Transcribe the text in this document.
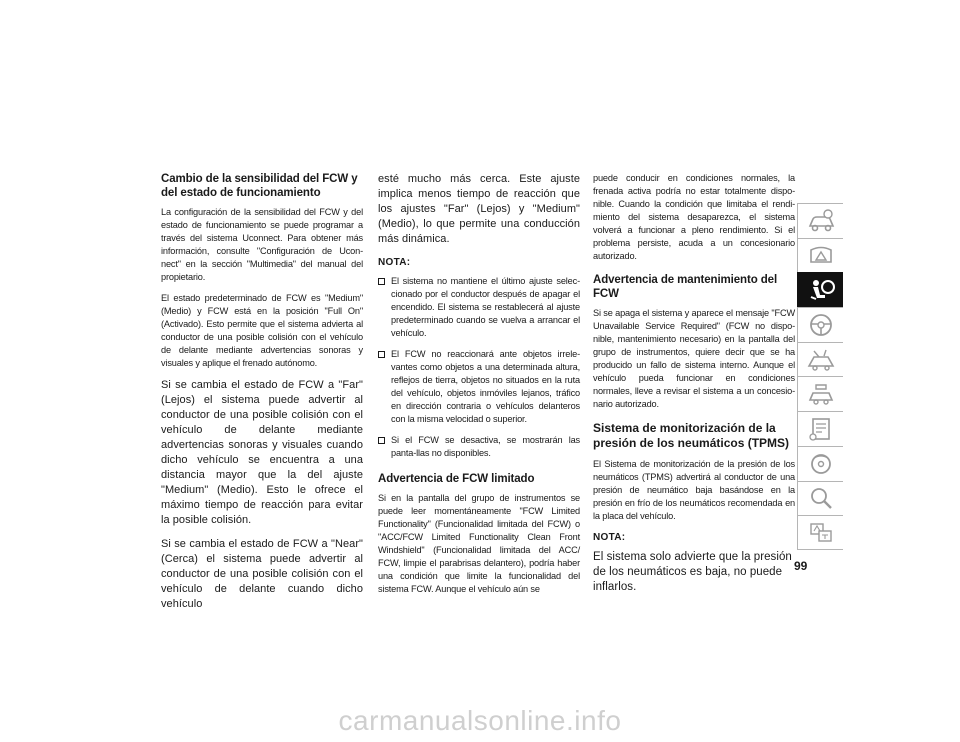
Cambio de la sensibilidad del FCW y del estado de funcionamiento

La configuración de la sensibilidad del FCW y del estado de funcionamiento se puede programar a través del sistema Uconnect. Para obtener más información, consulte "Configuración de Ucon-nect" en la sección "Multimedia" del manual del propietario.

El estado predeterminado de FCW es "Medium" (Medio) y FCW está en la posición "Full On" (Activado). Esto permite que el sistema advierta al conductor de una posible colisión con el vehículo de delante mediante advertencias sonoras y visuales y aplique el frenado autónomo.

Si se cambia el estado de FCW a "Far" (Lejos) el sistema puede advertir al conductor de una posible colisión con el vehículo de delante mediante advertencias sonoras y visuales cuando dicho vehículo se encuentra a una distancia mayor que la del ajuste "Medium" (Medio). Esto le ofrece el máximo tiempo de reacción para evitar la posible colisión.

Si se cambia el estado de FCW a "Near" (Cerca) el sistema puede advertir al conductor de una posible colisión con el vehículo de delante cuando dicho vehículo

esté mucho más cerca. Este ajuste implica menos tiempo de reacción que los ajustes "Far" (Lejos) y "Medium" (Medio), lo que permite una conducción más dinámica.

NOTA:

El sistema no mantiene el último ajuste selec-cionado por el conductor después de apagar el encendido. El sistema se restablecerá al ajuste predeterminado cuando se vuelva a arrancar el vehículo.

El FCW no reaccionará ante objetos irrele-vantes como objetos a una determinada altura, reflejos de tierra, objetos no situados en la ruta del vehículo, objetos inmóviles lejanos, tráfico en dirección contraria o vehículos delanteros con la misma velocidad o superior.

Si el FCW se desactiva, se mostrarán las panta-llas no disponibles.

Advertencia de FCW limitado

Si en la pantalla del grupo de instrumentos se puede leer momentáneamente "FCW Limited Functionality" (Funcionalidad limitada del FCW) o "ACC/FCW Limited Functionality Clean Front Windshield" (Funcionalidad limitada del ACC/ FCW, limpie el parabrisas delantero), podría haber una condición que limite la funcionalidad del sistema FCW. Aunque el vehículo aún se

puede conducir en condiciones normales, la frenada activa podría no estar totalmente dispo-nible. Cuando la condición que limitaba el rendi-miento del sistema desaparezca, el sistema volverá a funcionar a pleno rendimiento. Si el problema persiste, acuda a un concesionario autorizado.

Advertencia de mantenimiento del FCW

Si se apaga el sistema y aparece el mensaje "FCW Unavailable Service Required" (FCW no dispo-nible, mantenimiento necesario) en la pantalla del grupo de instrumentos, quiere decir que se ha producido un fallo de sistema interno. Aunque el vehículo pueda funcionar en condiciones normales, lleve a revisar el sistema a un concesio-nario autorizado.

Sistema de monitorización de la presión de los neumáticos (TPMS)

El Sistema de monitorización de la presión de los neumáticos (TPMS) advertirá al conductor de una presión de neumático baja basándose en la presión en frío de los neumáticos recomendada en la placa del vehículo.

NOTA:

El sistema solo advierte que la presión de los neumáticos es baja, no puede inflarlos.

99
carmanualsonline.info
